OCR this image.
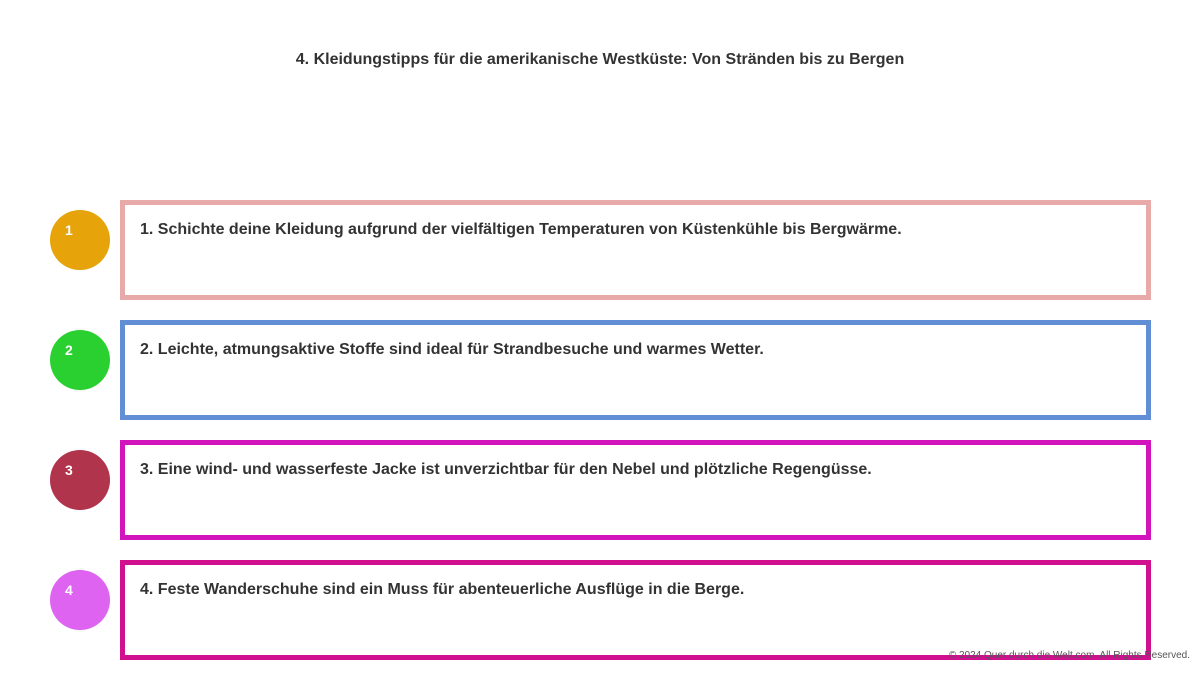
4. Kleidungstipps für die amerikanische Westküste: Von Stränden bis zu Bergen
1	1. Schichte deine Kleidung aufgrund der vielfältigen Temperaturen von Küstenkühle bis Bergwärme.
2	2. Leichte, atmungsaktive Stoffe sind ideal für Strandbesuche und warmes Wetter.
3	3. Eine wind- und wasserfeste Jacke ist unverzichtbar für den Nebel und plötzliche Regengüsse.
4	4. Feste Wanderschuhe sind ein Muss für abenteuerliche Ausflüge in die Berge.
© 2024 Quer durch die Welt.com. All Rights Reserved.
